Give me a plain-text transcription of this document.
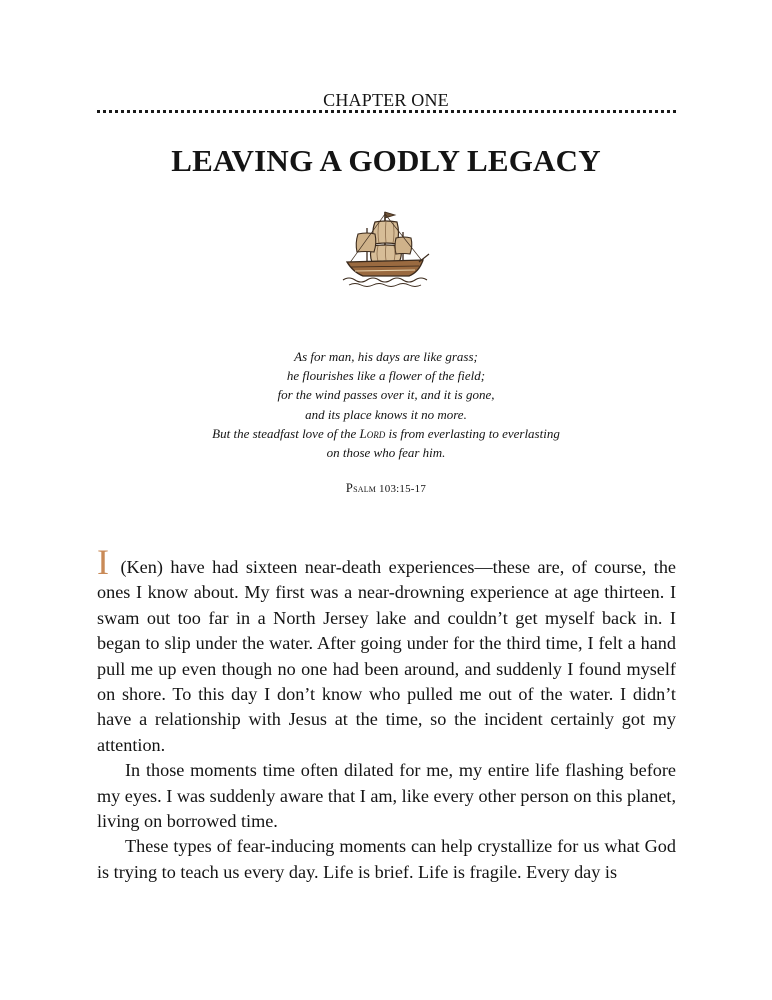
CHAPTER ONE
LEAVING A GODLY LEGACY
As for man, his days are like grass;
he flourishes like a flower of the field;
for the wind passes over it, and it is gone,
and its place knows it no more.
But the steadfast love of the Lord is from everlasting to everlasting
on those who fear him.
Psalm 103:15-17

I (Ken) have had sixteen near-death experiences—these are, of course, the ones I know about. My first was a near-drowning experience at age thirteen. I swam out too far in a North Jersey lake and couldn’t get myself back in. I began to slip under the water. After going under for the third time, I felt a hand pull me up even though no one had been around, and suddenly I found myself on shore. To this day I don’t know who pulled me out of the water. I didn’t have a relationship with Jesus at the time, so the incident certainly got my attention.

In those moments time often dilated for me, my entire life flashing before my eyes. I was suddenly aware that I am, like every other person on this planet, living on borrowed time.

These types of fear-inducing moments can help crystallize for us what God is trying to teach us every day. Life is brief. Life is fragile. Every day is
